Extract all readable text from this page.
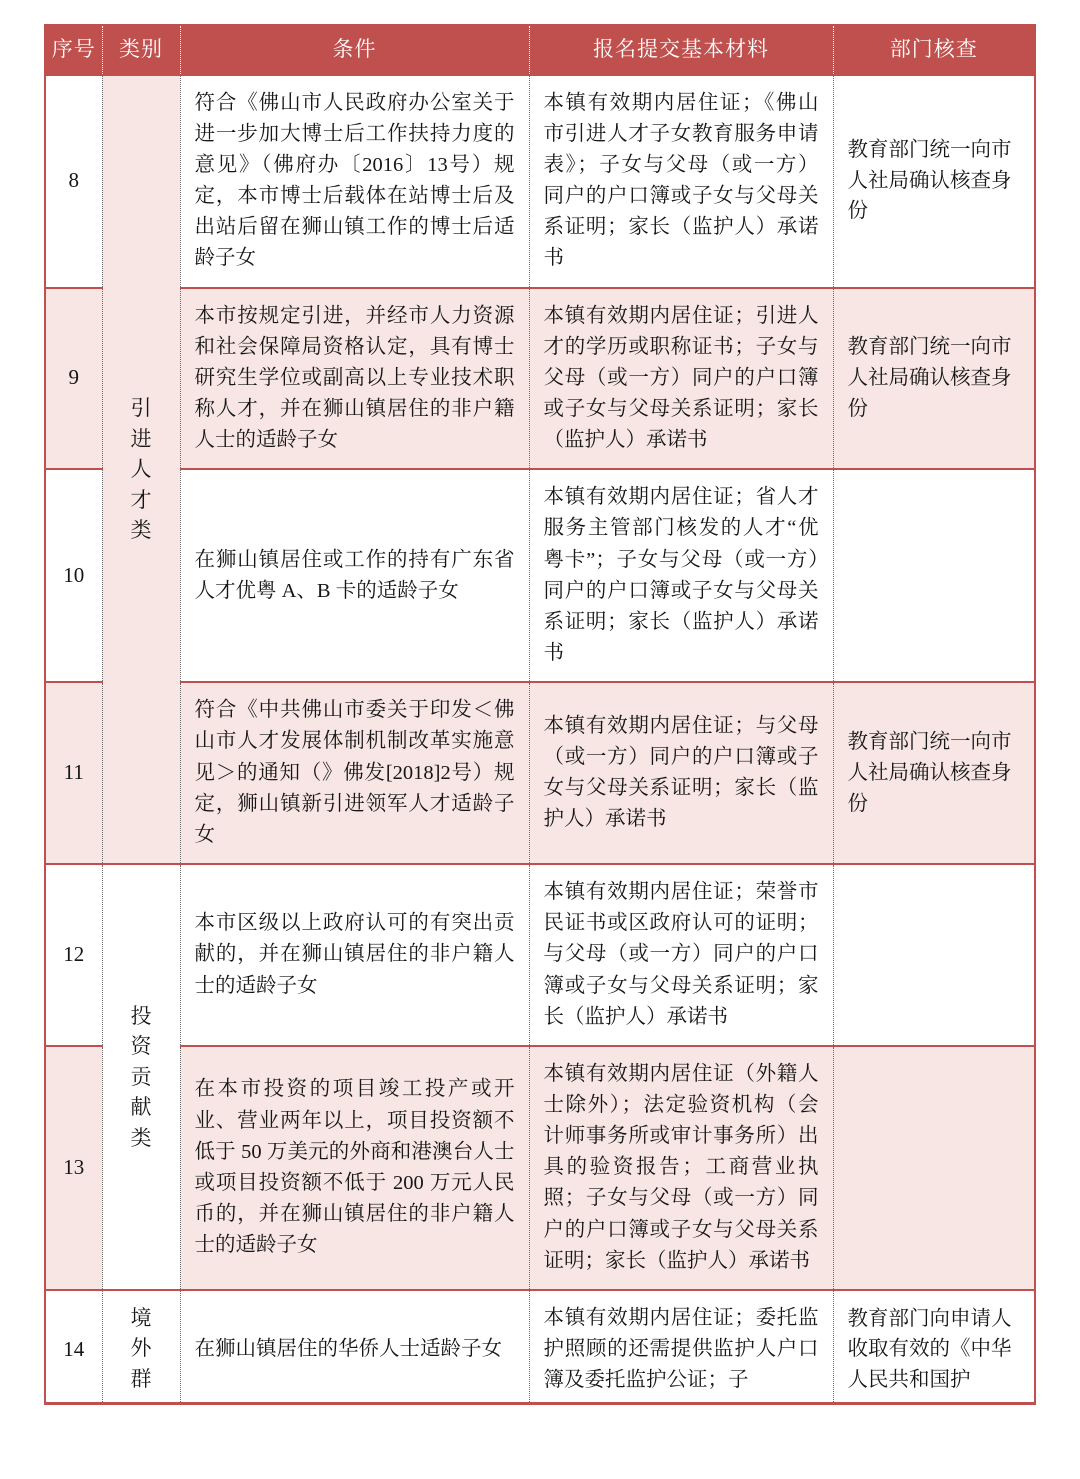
序号	类别	条件	报名提交基本材料	部门核查
8	引进人才类	符合《佛山市人民政府办公室关于进一步加大博士后工作扶持力度的意见》（佛府办〔2016〕13号）规定，本市博士后载体在站博士后及出站后留在狮山镇工作的博士后适龄子女	本镇有效期内居住证；《佛山市引进人才子女教育服务申请表》；子女与父母（或一方）同户的户口簿或子女与父母关系证明；家长（监护人）承诺书	教育部门统一向市人社局确认核查身份
9		本市按规定引进，并经市人力资源和社会保障局资格认定，具有博士研究生学位或副高以上专业技术职称人才，并在狮山镇居住的非户籍人士的适龄子女	本镇有效期内居住证；引进人才的学历或职称证书；子女与父母（或一方）同户的户口簿或子女与父母关系证明；家长（监护人）承诺书	教育部门统一向市人社局确认核查身份
10		在狮山镇居住或工作的持有广东省人才优粤 A、B 卡的适龄子女	本镇有效期内居住证；省人才服务主管部门核发的人才“优粤卡”；子女与父母（或一方）同户的户口簿或子女与父母关系证明；家长（监护人）承诺书	
11		符合《中共佛山市委关于印发＜佛山市人才发展体制机制改革实施意见＞的通知（》佛发[2018]2号）规定，狮山镇新引进领军人才适龄子女	本镇有效期内居住证；与父母（或一方）同户的户口簿或子女与父母关系证明；家长（监护人）承诺书	教育部门统一向市人社局确认核查身份
12	投资贡献类	本市区级以上政府认可的有突出贡献的，并在狮山镇居住的非户籍人士的适龄子女	本镇有效期内居住证；荣誉市民证书或区政府认可的证明；与父母（或一方）同户的户口簿或子女与父母关系证明；家长（监护人）承诺书	
13		在本市投资的项目竣工投产或开业、营业两年以上，项目投资额不低于 50 万美元的外商和港澳台人士或项目投资额不低于 200 万元人民币的，并在狮山镇居住的非户籍人士的适龄子女	本镇有效期内居住证（外籍人士除外）；法定验资机构（会计师事务所或审计事务所）出具的验资报告；工商营业执照；子女与父母（或一方）同户的户口簿或子女与父母关系证明；家长（监护人）承诺书	
14	境外群	在狮山镇居住的华侨人士适龄子女	本镇有效期内居住证；委托监护照顾的还需提供监护人户口簿及委托监护公证；子	教育部门向申请人收取有效的《中华人民共和国护
